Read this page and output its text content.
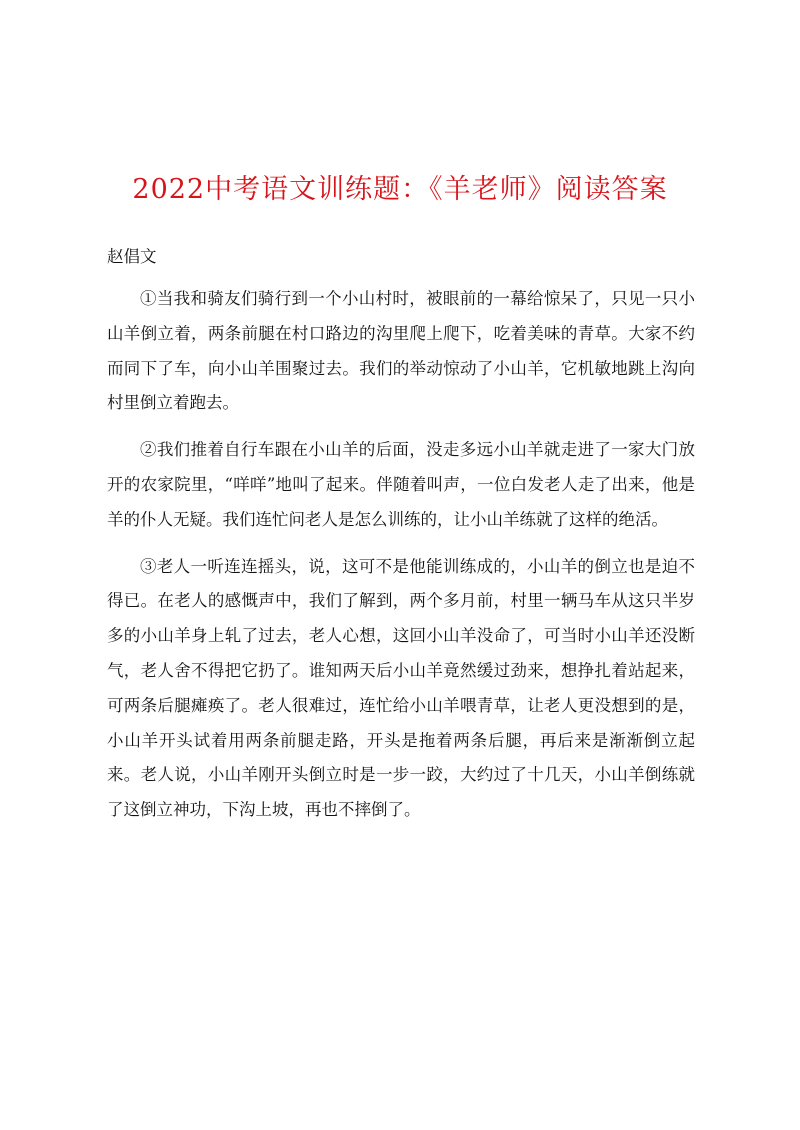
2022中考语文训练题：《羊老师》阅读答案

赵倡文

①当我和骑友们骑行到一个小山村时，被眼前的一幕给惊呆了，只见一只小山羊倒立着，两条前腿在村口路边的沟里爬上爬下，吃着美味的青草。大家不约而同下了车，向小山羊围聚过去。我们的举动惊动了小山羊，它机敏地跳上沟向村里倒立着跑去。

②我们推着自行车跟在小山羊的后面，没走多远小山羊就走进了一家大门放开的农家院里，“咩咩”地叫了起来。伴随着叫声，一位白发老人走了出来，他是羊的仆人无疑。我们连忙问老人是怎么训练的，让小山羊练就了这样的绝活。

③老人一听连连摇头，说，这可不是他能训练成的，小山羊的倒立也是迫不得已。在老人的感慨声中，我们了解到，两个多月前，村里一辆马车从这只半岁多的小山羊身上轧了过去，老人心想，这回小山羊没命了，可当时小山羊还没断气，老人舍不得把它扔了。谁知两天后小山羊竟然缓过劲来，想挣扎着站起来，可两条后腿瘫痪了。老人很难过，连忙给小山羊喂青草，让老人更没想到的是，小山羊开头试着用两条前腿走路，开头是拖着两条后腿，再后来是渐渐倒立起来。老人说，小山羊刚开头倒立时是一步一跤，大约过了十几天，小山羊倒练就了这倒立神功，下沟上坡，再也不摔倒了。
